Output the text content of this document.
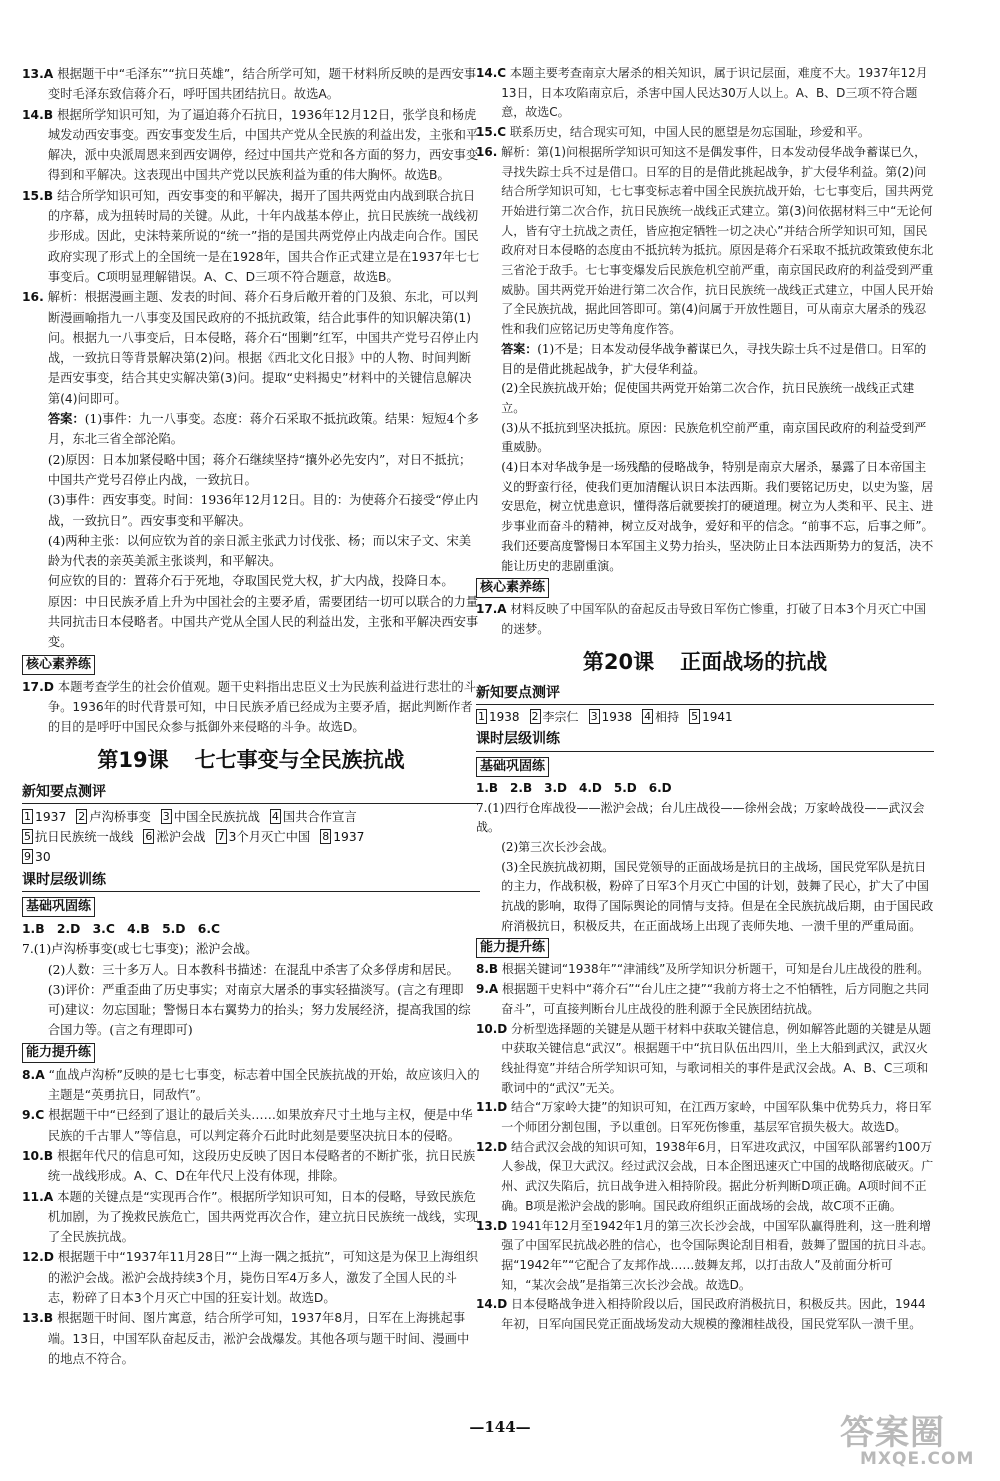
13.A 根据题干中“毛泽东”“抗日英雄”，结合所学可知，题干材料所反映的是西安事变时毛泽东致信蒋介石，呼吁国共团结抗日。故选A。

14.B 根据所学知识可知，为了逼迫蒋介石抗日，1936年12月12日，张学良和杨虎城发动西安事变。西安事变发生后，中国共产党从全民族的利益出发，主张和平解决，派中央派周恩来到西安调停，经过中国共产党和各方面的努力，西安事变得到和平解决。这表现出中国共产党以民族利益为重的伟大胸怀。故选B。

15.B 结合所学知识可知，西安事变的和平解决，揭开了国共两党由内战到联合抗日的序幕，成为扭转时局的关键。从此，十年内战基本停止，抗日民族统一战线初步形成。因此，史沫特莱所说的“统一”指的是国共两党停止内战走向合作。国民政府实现了形式上的全国统一是在1928年，国共合作正式建立是在1937年七七事变后。C项明显理解错误。A、C、D三项不符合题意，故选B。

16. 解析：根据漫画主题、发表的时间、蒋介石身后敞开着的门及狼、东北，可以判断漫画喻指九一八事变及国民政府的不抵抗政策，结合此事件的知识解决第(1)问。根据九一八事变后，日本侵略，蒋介石“围剿”红军，中国共产党号召停止内战，一致抗日等背景解决第(2)问。根据《西北文化日报》中的人物、时间判断是西安事变，结合其史实解决第(3)问。提取“史料揭史”材料中的关键信息解决第(4)问即可。

答案：(1)事件：九一八事变。态度：蒋介石采取不抵抗政策。结果：短短4个多月，东北三省全部沦陷。

(2)原因：日本加紧侵略中国；蒋介石继续坚持“攘外必先安内”，对日不抵抗；中国共产党号召停止内战，一致抗日。

(3)事件：西安事变。时间：1936年12月12日。目的：为使蒋介石接受“停止内战，一致抗日”。西安事变和平解决。

(4)两种主张：以何应钦为首的亲日派主张武力讨伐张、杨；而以宋子文、宋美龄为代表的亲英美派主张谈判，和平解决。

何应钦的目的：置蒋介石于死地，夺取国民党大权，扩大内战，投降日本。

原因：中日民族矛盾上升为中国社会的主要矛盾，需要团结一切可以联合的力量共同抗击日本侵略者。中国共产党从全国人民的利益出发，主张和平解决西安事变。

核心素养练

17.D 本题考查学生的社会价值观。题干史料指出忠臣义士为民族利益进行悲壮的斗争。1936年的时代背景可知，中日民族矛盾已经成为主要矛盾，据此判断作者的目的是呼吁中国民众参与抵御外来侵略的斗争。故选D。

第19课 七七事变与全民族抗战
新知要点测评

1 1937 2 卢沟桥事变 3 中国全民族抗战 4 国共合作宣言

5 抗日民族统一战线 6 淞沪会战 7 3个月灭亡中国 8 1937

9 30

课时层级训练
基础巩固练

1.B　2.D　3.C　4.B　5.D　6.C

7.(1)卢沟桥事变(或七七事变)；淞沪会战。

(2)人数：三十多万人。日本教科书描述：在混乱中杀害了众多俘虏和居民。

(3)评价：严重歪曲了历史事实；对南京大屠杀的事实轻描淡写。(言之有理即可)建议：勿忘国耻；警惕日本右翼势力的抬头；努力发展经济，提高我国的综合国力等。(言之有理即可)

能力提升练

8.A “血战卢沟桥”反映的是七七事变，标志着中国全民族抗战的开始，故应该归入的主题是“英勇抗日，同敌忾”。

9.C 根据题干中“已经到了退让的最后关头……如果放弃尺寸土地与主权，便是中华民族的千古罪人”等信息，可以判定蒋介石此时此刻是要坚决抗日本的侵略。

10.B 根据年代尺的信息可知，这段历史反映了因日本侵略者的不断扩张，抗日民族统一战线形成。A、C、D在年代尺上没有体现，排除。

11.A 本题的关键点是“实现再合作”。根据所学知识可知，日本的侵略，导致民族危机加剧，为了挽救民族危亡，国共两党再次合作，建立抗日民族统一战线，实现了全民族抗战。

12.D 根据题干中“1937年11月28日”“上海一隅之抵抗”，可知这是为保卫上海组织的淞沪会战。淞沪会战持续3个月，毙伤日军4万多人，激发了全国人民的斗志，粉碎了日本3个月灭亡中国的狂妄计划。故选D。

13.B 根据题干时间、图片寓意，结合所学可知，1937年8月，日军在上海挑起事端。13日，中国军队奋起反击，淞沪会战爆发。其他各项与题干时间、漫画中的地点不符合。

14.C 本题主要考查南京大屠杀的相关知识，属于识记层面，难度不大。1937年12月13日，日本攻陷南京后，杀害中国人民达30万人以上。A、B、D三项不符合题意，故选C。

15.C 联系历史，结合现实可知，中国人民的愿望是勿忘国耻，珍爱和平。

16. 解析：第(1)问根据所学知识可知这不是偶发事件，日本发动侵华战争蓄谋已久，寻找失踪士兵不过是借口。日军的目的是借此挑起战争，扩大侵华利益。第(2)问结合所学知识可知，七七事变标志着中国全民族抗战开始，七七事变后，国共两党开始进行第二次合作，抗日民族统一战线正式建立。第(3)问依据材料三中“无论何人，皆有守土抗战之责任，皆应抱定牺牲一切之决心”并结合所学知识可知，国民政府对日本侵略的态度由不抵抗转为抵抗。原因是蒋介石采取不抵抗政策致使东北三省沦于敌手。七七事变爆发后民族危机空前严重，南京国民政府的利益受到严重威胁。国共两党开始进行第二次合作，抗日民族统一战线正式建立，中国人民开始了全民族抗战，据此回答即可。第(4)问属于开放性题目，可从南京大屠杀的残忍性和我们应铭记历史等角度作答。

答案：(1)不是；日本发动侵华战争蓄谋已久，寻找失踪士兵不过是借口。日军的目的是借此挑起战争，扩大侵华利益。

(2)全民族抗战开始；促使国共两党开始第二次合作，抗日民族统一战线正式建立。

(3)从不抵抗到坚决抵抗。原因：民族危机空前严重，南京国民政府的利益受到严重威胁。

(4)日本对华战争是一场残酷的侵略战争，特别是南京大屠杀，暴露了日本帝国主义的野蛮行径，使我们更加清醒认识日本法西斯。我们要铭记历史，以史为鉴，居安思危，树立忧患意识，懂得落后就要挨打的硬道理。树立为人类和平、民主、进步事业而奋斗的精神，树立反对战争，爱好和平的信念。“前事不忘，后事之师”。我们还要高度警惕日本军国主义势力抬头，坚决防止日本法西斯势力的复活，决不能让历史的悲剧重演。

核心素养练

17.A 材料反映了中国军队的奋起反击导致日军伤亡惨重，打破了日本3个月灭亡中国的迷梦。

第20课 正面战场的抗战
新知要点测评

1 1938 2 李宗仁 3 1938 4 相持 5 1941

课时层级训练
基础巩固练

1.B　2.B　3.D　4.D　5.D　6.D

7.(1)四行仓库战役——淞沪会战；台儿庄战役——徐州会战；万家岭战役——武汉会战。

(2)第三次长沙会战。

(3)全民族抗战初期，国民党领导的正面战场是抗日的主战场，国民党军队是抗日的主力，作战积极，粉碎了日军3个月灭亡中国的计划，鼓舞了民心，扩大了中国抗战的影响，取得了国际舆论的同情与支持。但是在全民族抗战后期，由于国民政府消极抗日，积极反共，在正面战场上出现了丧师失地、一溃千里的严重局面。

能力提升练

8.B 根据关键词“1938年”“津浦线”及所学知识分析题干，可知是台儿庄战役的胜利。

9.A 根据题干史料中“蒋介石”“台儿庄之捷”“我前方将士之不怕牺牲，后方同胞之共同奋斗”，可直接判断台儿庄战役的胜利源于全民族团结抗战。

10.D 分析型选择题的关键是从题干材料中获取关键信息，例如解答此题的关键是从题中获取关键信息“武汉”。根据题干中“抗日队伍出四川，坐上大船到武汉，武汉火线扯得宽”并结合所学知识可知，与歌词相关的事件是武汉会战。A、B、C三项和歌词中的“武汉”无关。

11.D 结合“万家岭大捷”的知识可知，在江西万家岭，中国军队集中优势兵力，将日军一个师团分割包围，予以重创。日军死伤惨重，基层军官损失极大。故选D。

12.D 结合武汉会战的知识可知，1938年6月，日军进攻武汉，中国军队部署约100万人参战，保卫大武汉。经过武汉会战，日本企图迅速灭亡中国的战略彻底破灭。广州、武汉失陷后，抗日战争进入相持阶段。据此分析判断D项正确。A项时间不正确。B项是淞沪会战的影响。国民政府组织正面战场的会战，故C项不正确。

13.D 1941年12月至1942年1月的第三次长沙会战，中国军队赢得胜利，这一胜利增强了中国军民抗战必胜的信心，也令国际舆论刮目相看，鼓舞了盟国的抗日斗志。据“1942年”“它配合了友邦作战……鼓舞友邦，以打击敌人”及前面分析可知，“某次会战”是指第三次长沙会战。故选D。

14.D 日本侵略战争进入相持阶段以后，国民政府消极抗日，积极反共。因此，1944年初，日军向国民党正面战场发动大规模的豫湘桂战役，国民党军队一溃千里。

—144—	答案圈
MXQE.COM
